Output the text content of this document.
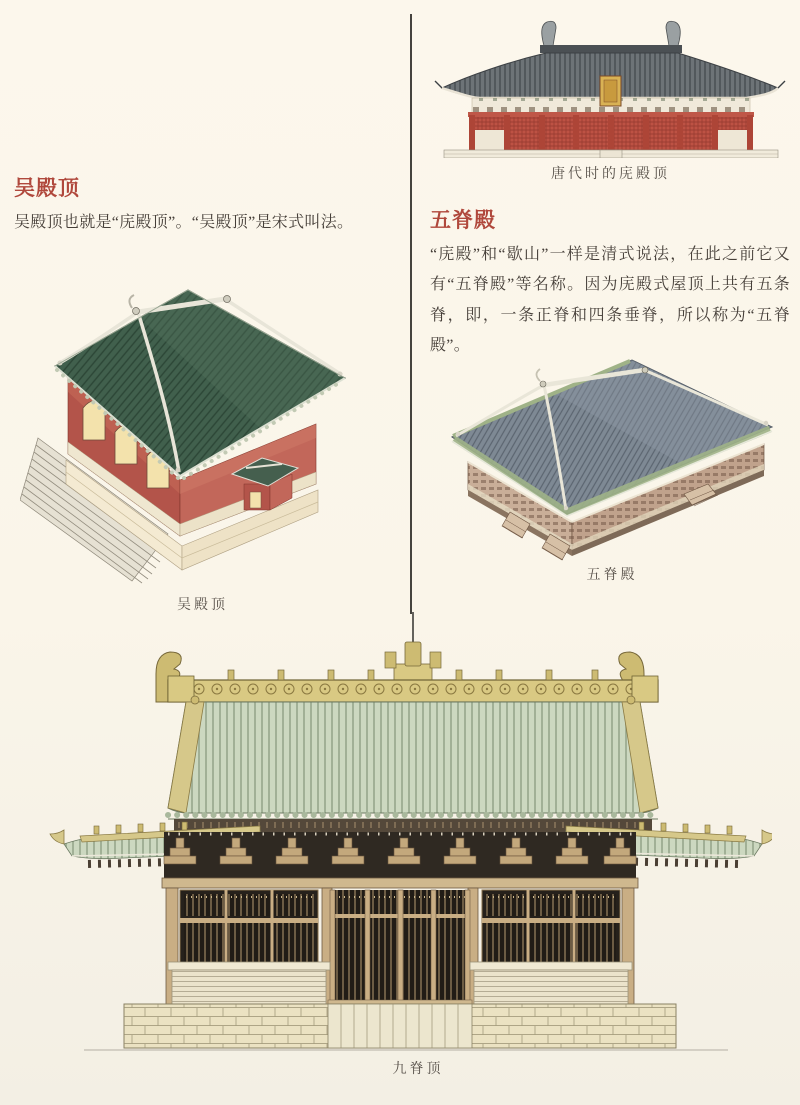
唐代时的庑殿顶
吴殿顶

吴殿顶也就是“庑殿顶”。“吴殿顶”是宋式叫法。	五脊殿

“庑殿”和“歇山”一样是清式说法，在此之前它又有“五脊殿”等名称。因为庑殿式屋顶上共有五条脊，即，一条正脊和四条垂脊，所以称为“五脊殿”。

吴殿顶
五脊殿
九脊顶
